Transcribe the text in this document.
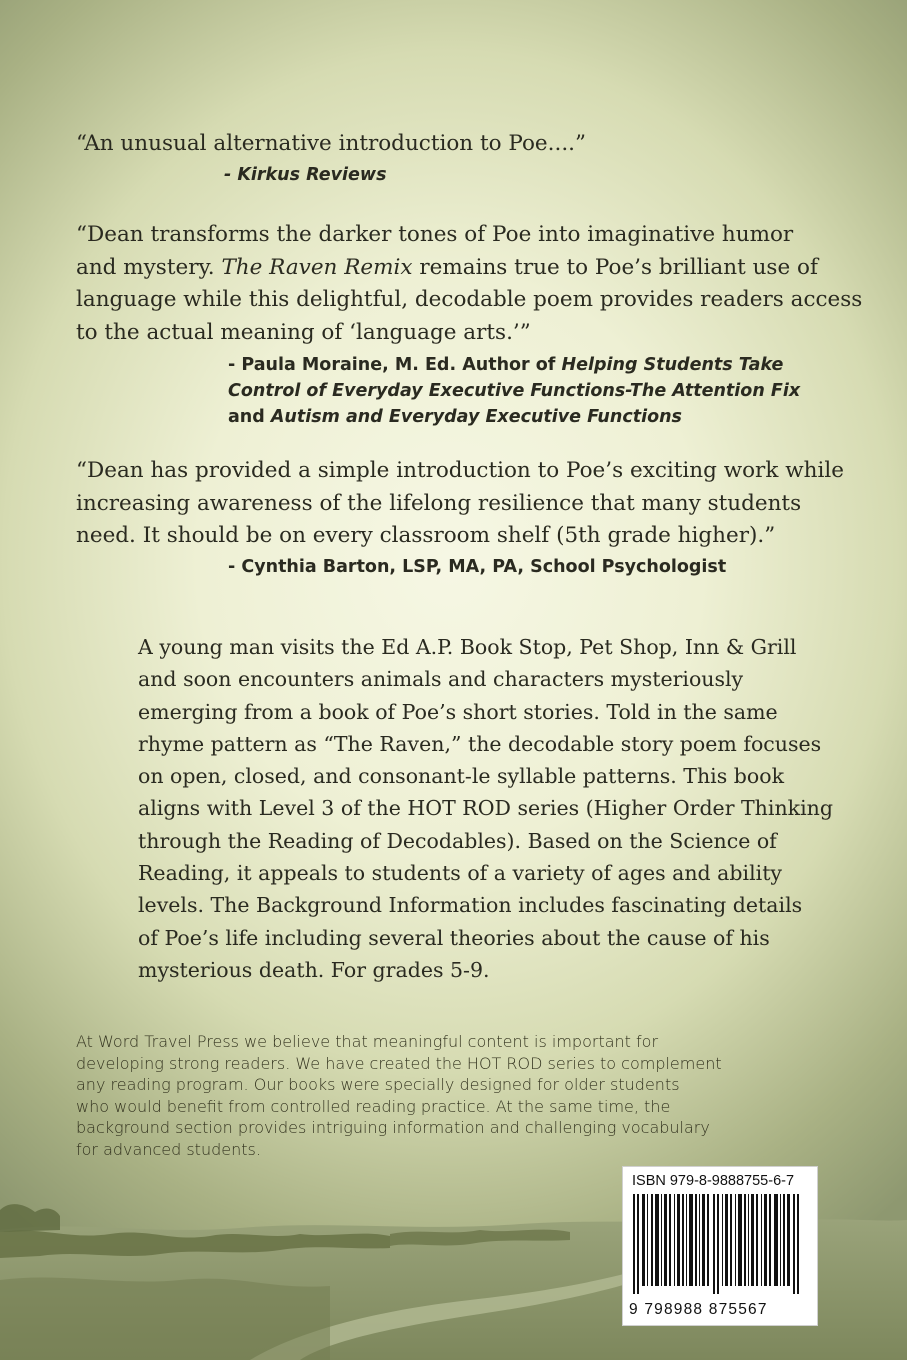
“An unusual alternative introduction to Poe....”
- Kirkus Reviews
“Dean transforms the darker tones of Poe into imaginative humor
and mystery. The Raven Remix remains true to Poe’s brilliant use of
language while this delightful, decodable poem provides readers access
to the actual meaning of ‘language arts.’”
- Paula Moraine, M. Ed. Author of Helping Students Take
Control of Everyday Executive Functions-The Attention Fix
and Autism and Everyday Executive Functions
“Dean has provided a simple introduction to Poe’s exciting work while
increasing awareness of the lifelong resilience that many students
need. It should be on every classroom shelf (5th grade higher).”
- Cynthia Barton, LSP, MA, PA, School Psychologist
A young man visits the Ed A.P. Book Stop, Pet Shop, Inn & Grill
and soon encounters animals and characters mysteriously
emerging from a book of Poe’s short stories. Told in the same
rhyme pattern as “The Raven,” the decodable story poem focuses
on open, closed, and consonant-le syllable patterns. This book
aligns with Level 3 of the HOT ROD series (Higher Order Thinking
through the Reading of Decodables). Based on the Science of
Reading, it appeals to students of a variety of ages and ability
levels. The Background Information includes fascinating details
of Poe’s life including several theories about the cause of his
mysterious death. For grades 5-9.
At Word Travel Press we believe that meaningful content is important for
developing strong readers. We have created the HOT ROD series to complement
any reading program. Our books were specially designed for older students
who would benefit from controlled reading practice. At the same time, the
background section provides intriguing information and challenging vocabulary
for advanced students.
ISBN 979-8-9888755-6-7
9 798988 875567
